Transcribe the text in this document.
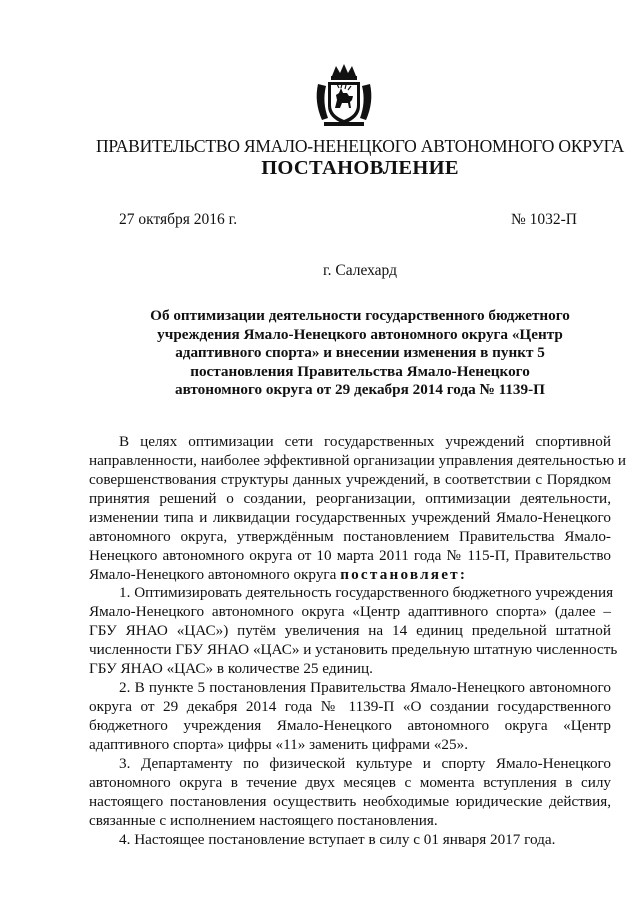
ПРАВИТЕЛЬСТВО ЯМАЛО-НЕНЕЦКОГО АВТОНОМНОГО ОКРУГА
ПОСТАНОВЛЕНИЕ
27 октября 2016 г.	№ 1032-П
г. Салехард
Об оптимизации деятельности государственного бюджетного
учреждения Ямало-Ненецкого автономного округа «Центр
адаптивного спорта» и внесении изменения в пункт 5
постановления Правительства Ямало-Ненецкого
автономного округа от 29 декабря 2014 года № 1139-П
В целях оптимизации сети государственных учреждений спортивной
направленности, наиболее эффективной организации управления деятельностью и
совершенствования структуры данных учреждений, в соответствии с Порядком
принятия решений о создании, реорганизации, оптимизации деятельности,
изменении типа и ликвидации государственных учреждений Ямало-Ненецкого
автономного округа, утверждённым постановлением Правительства Ямало-
Ненецкого автономного округа от 10 марта 2011 года № 115-П, Правительство
Ямало-Ненецкого автономного округа постановляет:
1. Оптимизировать деятельность государственного бюджетного учреждения
Ямало-Ненецкого автономного округа «Центр адаптивного спорта» (далее –
ГБУ ЯНАО «ЦАС») путём увеличения на 14 единиц предельной штатной
численности ГБУ ЯНАО «ЦАС» и установить предельную штатную численность
ГБУ ЯНАО «ЦАС» в количестве 25 единиц.
2. В пункте 5 постановления Правительства Ямало-Ненецкого автономного
округа от 29 декабря 2014 года № 1139-П «О создании государственного
бюджетного учреждения Ямало-Ненецкого автономного округа «Центр
адаптивного спорта» цифры «11» заменить цифрами «25».
3. Департаменту по физической культуре и спорту Ямало-Ненецкого
автономного округа в течение двух месяцев с момента вступления в силу
настоящего постановления осуществить необходимые юридические действия,
связанные с исполнением настоящего постановления.
4. Настоящее постановление вступает в силу с 01 января 2017 года.
